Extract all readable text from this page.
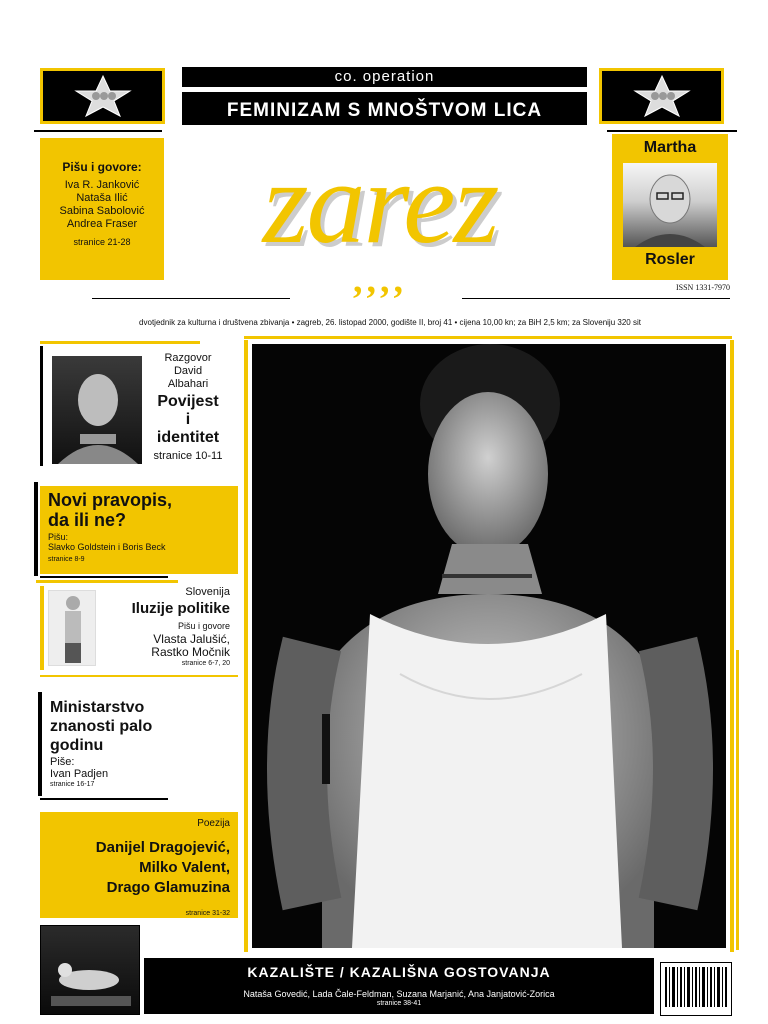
co. operation
FEMINIZAM S MNOŠTVOM LICA
Pišu i govore:
Iva R. Janković
Nataša Ilić
Sabina Sabolović
Andrea Fraser
stranice 21-28	zarez
,,,,
Martha
Rosler
ISSN 1331-7970
dvotjednik za kulturna i društvena zbivanja • zagreb, 26. listopad 2000, godište II, broj 41 • cijena 10,00 kn; za BiH 2,5 km; za Sloveniju 320 sit
Razgovor
David
Albahari
Povijest
i
identitet
stranice 10-11
Novi pravopis,
da ili ne?
Pišu:
Slavko Goldstein i Boris Beck
stranice 8-9
Slovenija
Iluzije politike
Pišu i govore
Vlasta Jalušić,
Rastko Močnik
stranice 6-7, 20
Ministarstvo
znanosti palo
godinu
Piše:
Ivan Padjen
stranice 16-17
Poezija
Danijel Dragojević,
Milko Valent,
Drago Glamuzina
stranice 31-32
KAZALIŠTE / KAZALIŠNA GOSTOVANJA
Nataša Govedić, Lada Čale-Feldman, Suzana Marjanić, Ana Janjatović-Zorica
stranice 38-41
